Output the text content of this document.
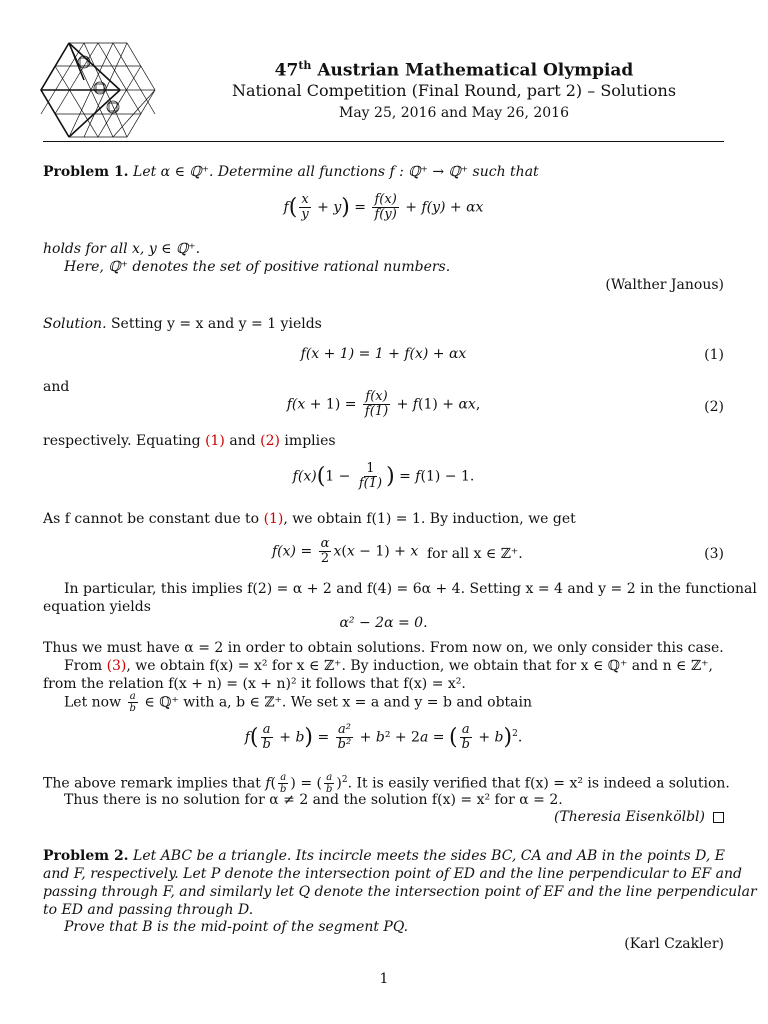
47th Austrian Mathematical Olympiad
National Competition (Final Round, part 2) – Solutions
May 25, 2016 and May 26, 2016
Problem 1. Let α ∈ ℚ⁺. Determine all functions f : ℚ⁺ → ℚ⁺ such that
$f( \frac{x}{y} + y) = \frac{f(x)}{f(y)} + f(y) + \alpha x$
holds for all x, y ∈ ℚ⁺.
Here, ℚ⁺ denotes the set of positive rational numbers.
(Walther Janous)
Solution. Setting y = x and y = 1 yields
f(x + 1) = 1 + f(x) + αx	(1)
and
$f(x + 1) = \frac{f(x)}{f(1)} + f(1) + \alpha x$,	(2)
respectively. Equating (1) and (2) implies
$f(x)(1 - \frac{1}{f(1)}$ ) = f(1) − 1.
As f cannot be constant due to (1), we obtain f(1) = 1. By induction, we get
$f(x) = \frac{\alpha}{2} x(x - 1) + x$ for all x ∈ ℤ⁺.	(3)
In particular, this implies f(2) = α + 2 and f(4) = 6α + 4. Setting x = 4 and y = 2 in the functional
equation yields
α² − 2α = 0.
Thus we must have α = 2 in order to obtain solutions. From now on, we only consider this case.
From (3), we obtain f(x) = x² for x ∈ ℤ⁺. By induction, we obtain that for x ∈ ℚ⁺ and n ∈ ℤ⁺,
from the relation f(x + n) = (x + n)² it follows that f(x) = x².
Let now $\frac{a}{b}$ ∈ ℚ⁺ with a, b ∈ ℤ⁺. We set x = a and y = b and obtain
$f( \frac{a}{b} + b) = \frac{\text{a²}}{\text{b²}} + b^2 + 2a$ = ( $\frac{a}{b} + b)^2$.
The above remark implies that $f( \frac{a}{b}$ ) = ( $\frac{a}{b} )^2$. It is easily verified that f(x) = x² is indeed a solution.
Thus there is no solution for α ≠ 2 and the solution f(x) = x² for α = 2.
(Theresia Eisenkölbl)
Problem 2. Let ABC be a triangle. Its incircle meets the sides BC, CA and AB in the points D, E
and F, respectively. Let P denote the intersection point of ED and the line perpendicular to EF and
passing through F, and similarly let Q denote the intersection point of EF and the line perpendicular
to ED and passing through D.
Prove that B is the mid-point of the segment PQ.
(Karl Czakler)
1
